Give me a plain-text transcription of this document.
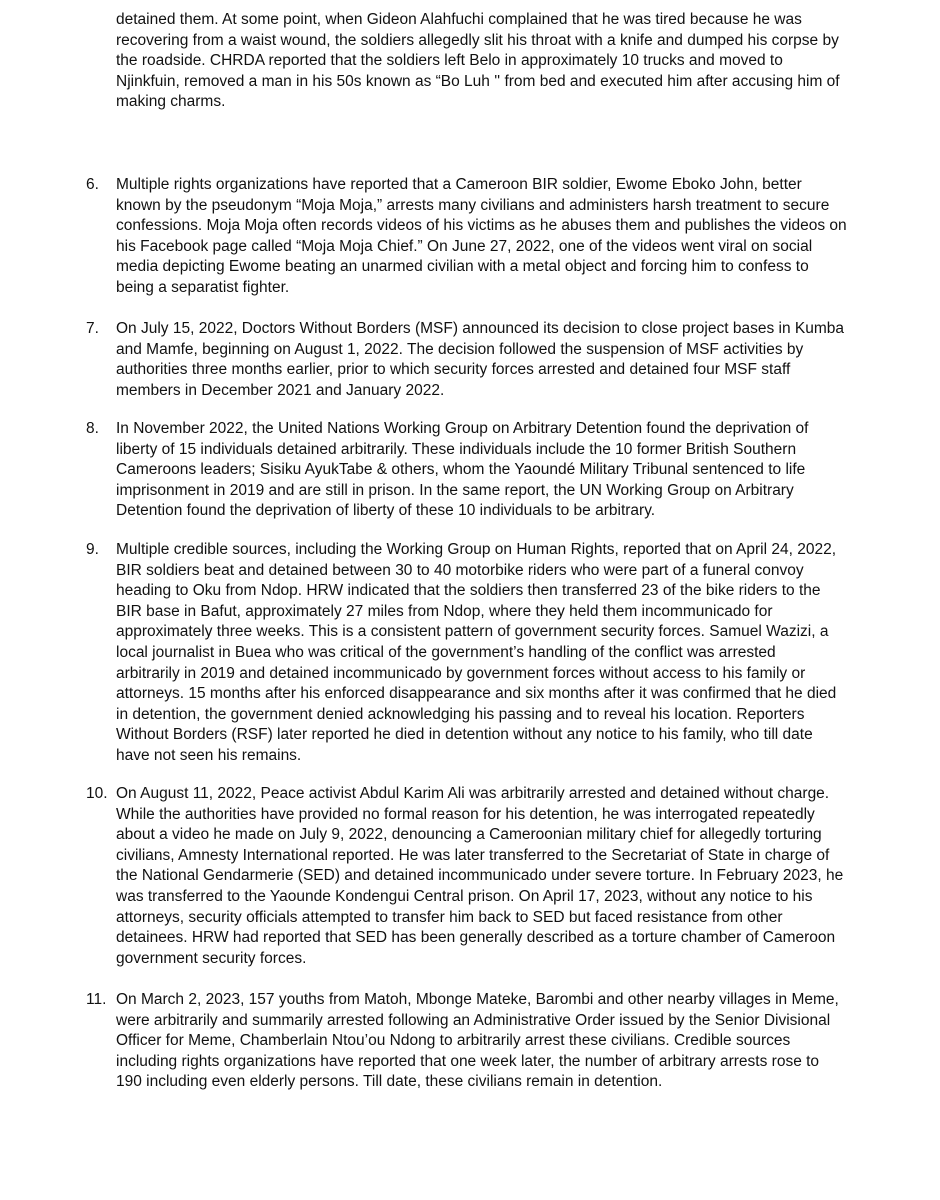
detained them. At some point, when Gideon Alahfuchi complained that he was tired because he was
recovering from a waist wound, the soldiers allegedly slit his throat with a knife and dumped his corpse by
the roadside. CHRDA reported that the soldiers left Belo in approximately 10 trucks and moved to
Njinkfuin, removed a man in his 50s known as “Bo Luh '' from bed and executed him after accusing him of
making charms.

6. Multiple rights organizations have reported that a Cameroon BIR soldier, Ewome Eboko John, better
known by the pseudonym “Moja Moja,” arrests many civilians and administers harsh treatment to secure
confessions. Moja Moja often records videos of his victims as he abuses them and publishes the videos on
his Facebook page called “Moja Moja Chief.” On June 27, 2022, one of the videos went viral on social
media depicting Ewome beating an unarmed civilian with a metal object and forcing him to confess to
being a separatist fighter.

7. On July 15, 2022, Doctors Without Borders (MSF) announced its decision to close project bases in Kumba
and Mamfe, beginning on August 1, 2022. The decision followed the suspension of MSF activities by
authorities three months earlier, prior to which security forces arrested and detained four MSF staff
members in December 2021 and January 2022.

8. In November 2022, the United Nations Working Group on Arbitrary Detention found the deprivation of
liberty of 15 individuals detained arbitrarily. These individuals include the 10 former British Southern
Cameroons leaders; Sisiku AyukTabe & others, whom the Yaoundé Military Tribunal sentenced to life
imprisonment in 2019 and are still in prison. In the same report, the UN Working Group on Arbitrary
Detention found the deprivation of liberty of these 10 individuals to be arbitrary.

9. Multiple credible sources, including the Working Group on Human Rights, reported that on April 24, 2022,
BIR soldiers beat and detained between 30 to 40 motorbike riders who were part of a funeral convoy
heading to Oku from Ndop. HRW indicated that the soldiers then transferred 23 of the bike riders to the
BIR base in Bafut, approximately 27 miles from Ndop, where they held them incommunicado for
approximately three weeks. This is a consistent pattern of government security forces. Samuel Wazizi, a
local journalist in Buea who was critical of the government’s handling of the conflict was arrested
arbitrarily in 2019 and detained incommunicado by government forces without access to his family or
attorneys. 15 months after his enforced disappearance and six months after it was confirmed that he died
in detention, the government denied acknowledging his passing and to reveal his location. Reporters
Without Borders (RSF) later reported he died in detention without any notice to his family, who till date
have not seen his remains.

10. On August 11, 2022, Peace activist Abdul Karim Ali was arbitrarily arrested and detained without charge.
While the authorities have provided no formal reason for his detention, he was interrogated repeatedly
about a video he made on July 9, 2022, denouncing a Cameroonian military chief for allegedly torturing
civilians, Amnesty International reported. He was later transferred to the Secretariat of State in charge of
the National Gendarmerie (SED) and detained incommunicado under severe torture. In February 2023, he
was transferred to the Yaounde Kondengui Central prison. On April 17, 2023, without any notice to his
attorneys, security officials attempted to transfer him back to SED but faced resistance from other
detainees. HRW had reported that SED has been generally described as a torture chamber of Cameroon
government security forces.

11. On March 2, 2023, 157 youths from Matoh, Mbonge Mateke, Barombi and other nearby villages in Meme,
were arbitrarily and summarily arrested following an Administrative Order issued by the Senior Divisional
Officer for Meme, Chamberlain Ntou’ou Ndong to arbitrarily arrest these civilians. Credible sources
including rights organizations have reported that one week later, the number of arbitrary arrests rose to
190 including even elderly persons. Till date, these civilians remain in detention.
